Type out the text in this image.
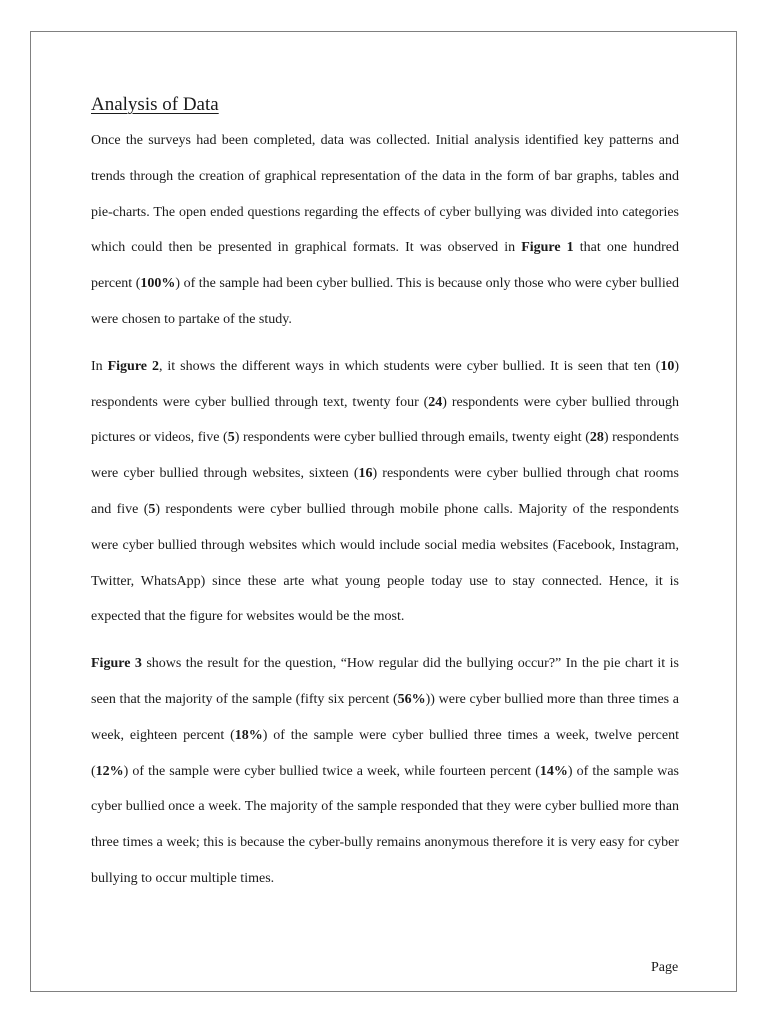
Analysis of Data

Once the surveys had been completed, data was collected. Initial analysis identified key patterns and trends through the creation of graphical representation of the data in the form of bar graphs, tables and pie-charts. The open ended questions regarding the effects of cyber bullying was divided into categories which could then be presented in graphical formats. It was observed in Figure 1 that one hundred percent (100%) of the sample had been cyber bullied. This is because only those who were cyber bullied were chosen to partake of the study.

In Figure 2, it shows the different ways in which students were cyber bullied. It is seen that ten (10) respondents were cyber bullied through text, twenty four (24) respondents were cyber bullied through pictures or videos, five (5) respondents were cyber bullied through emails, twenty eight (28) respondents were cyber bullied through websites, sixteen (16) respondents were cyber bullied through chat rooms and five (5) respondents were cyber bullied through mobile phone calls. Majority of the respondents were cyber bullied through websites which would include social media websites (Facebook, Instagram, Twitter, WhatsApp) since these arte what young people today use to stay connected. Hence, it is expected that the figure for websites would be the most.

Figure 3 shows the result for the question, “How regular did the bullying occur?” In the pie chart it is seen that the majority of the sample (fifty six percent (56%)) were cyber bullied more than three times a week, eighteen percent (18%) of the sample were cyber bullied three times a week, twelve percent (12%) of the sample were cyber bullied twice a week, while fourteen percent (14%) of the sample was cyber bullied once a week. The majority of the sample responded that they were cyber bullied more than three times a week; this is because the cyber-bully remains anonymous therefore it is very easy for cyber bullying to occur multiple times.

Page
